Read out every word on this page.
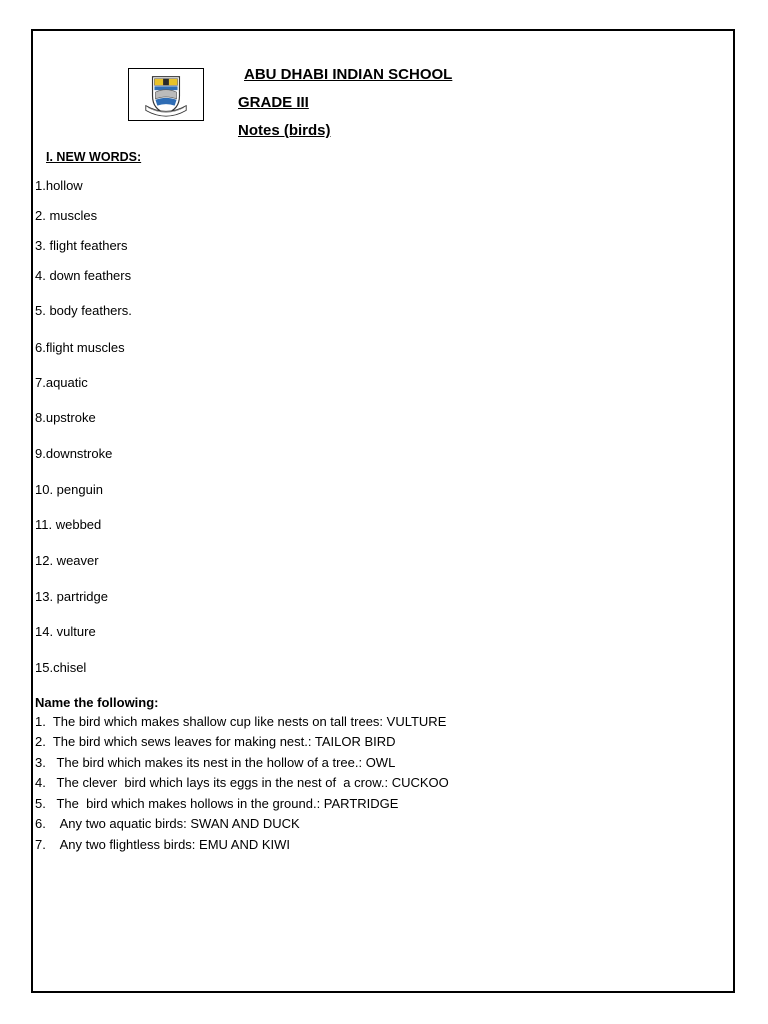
ABU DHABI INDIAN SCHOOL
GRADE III
Notes (birds)
I. NEW WORDS:
1.hollow
2. muscles
3. flight feathers
4. down feathers
5. body feathers.
6.flight muscles
7.aquatic
8.upstroke
9.downstroke
10. penguin
11. webbed
12. weaver
13. partridge
14. vulture
15.chisel
Name the following:
1.  The bird which makes shallow cup like nests on tall trees: VULTURE
2.  The bird which sews leaves for making nest.: TAILOR BIRD
3.   The bird which makes its nest in the hollow of a tree.: OWL
4.   The clever  bird which lays its eggs in the nest of  a crow.: CUCKOO
5.   The  bird which makes hollows in the ground.: PARTRIDGE
6.    Any two aquatic birds: SWAN AND DUCK
7.    Any two flightless birds: EMU AND KIWI
